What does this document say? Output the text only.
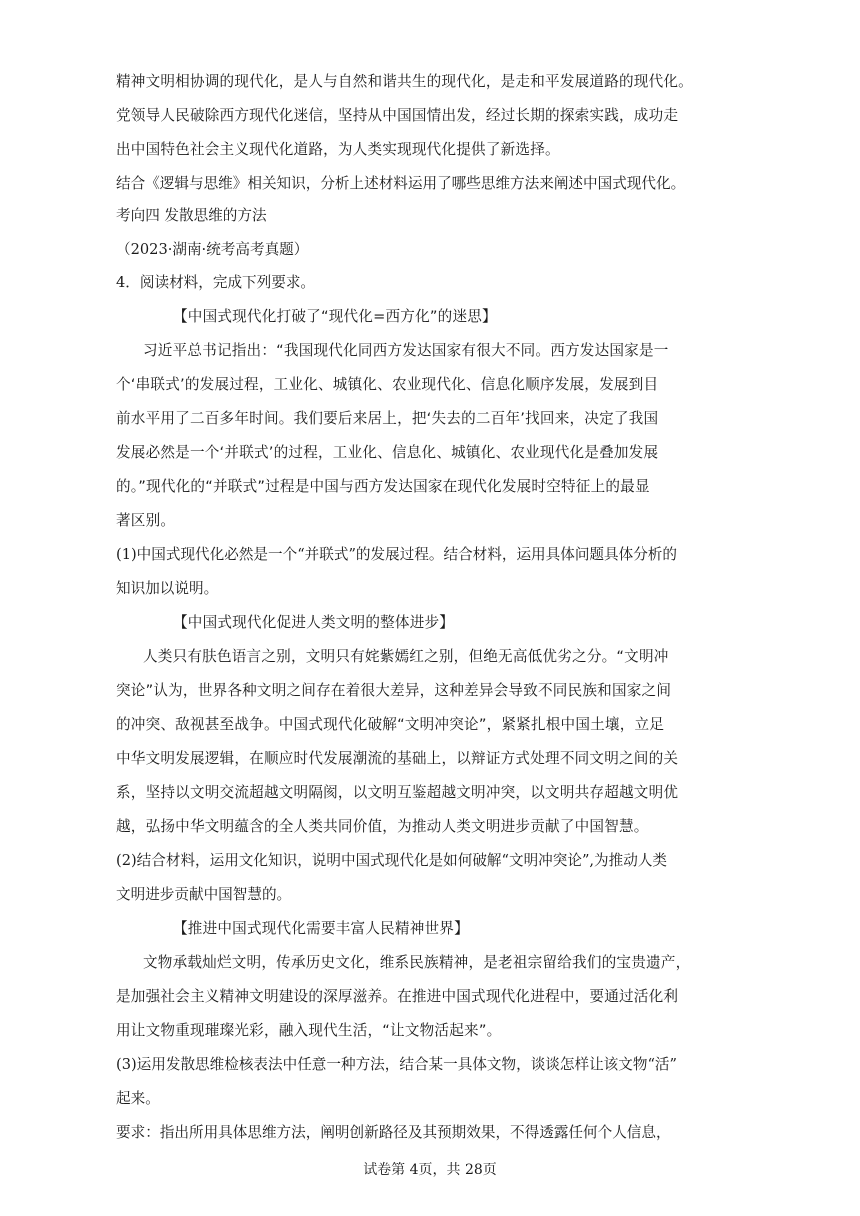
精神文明相协调的现代化，是人与自然和谐共生的现代化，是走和平发展道路的现代化。
党领导人民破除西方现代化迷信，坚持从中国国情出发，经过长期的探索实践，成功走
出中国特色社会主义现代化道路，为人类实现现代化提供了新选择。
结合《逻辑与思维》相关知识，分析上述材料运用了哪些思维方法来阐述中国式现代化。
考向四 发散思维的方法
（2023·湖南·统考高考真题）
4．阅读材料，完成下列要求。
【中国式现代化打破了“现代化=西方化”的迷思】
习近平总书记指出：“我国现代化同西方发达国家有很大不同。西方发达国家是一
个‘串联式’的发展过程，工业化、城镇化、农业现代化、信息化顺序发展，发展到目
前水平用了二百多年时间。我们要后来居上，把‘失去的二百年’找回来，决定了我国
发展必然是一个‘并联式’的过程，工业化、信息化、城镇化、农业现代化是叠加发展
的。”现代化的“并联式”过程是中国与西方发达国家在现代化发展时空特征上的最显
著区别。
(1)中国式现代化必然是一个“并联式”的发展过程。结合材料，运用具体问题具体分析的
知识加以说明。
【中国式现代化促进人类文明的整体进步】
人类只有肤色语言之别，文明只有姹紫嫣红之别，但绝无高低优劣之分。“文明冲
突论”认为，世界各种文明之间存在着很大差异，这种差异会导致不同民族和国家之间
的冲突、敌视甚至战争。中国式现代化破解“文明冲突论”，紧紧扎根中国土壤，立足
中华文明发展逻辑，在顺应时代发展潮流的基础上，以辩证方式处理不同文明之间的关
系，坚持以文明交流超越文明隔阂，以文明互鉴超越文明冲突，以文明共存超越文明优
越，弘扬中华文明蕴含的全人类共同价值，为推动人类文明进步贡献了中国智慧。
(2)结合材料，运用文化知识，说明中国式现代化是如何破解“文明冲突论”,为推动人类
文明进步贡献中国智慧的。
【推进中国式现代化需要丰富人民精神世界】
文物承载灿烂文明，传承历史文化，维系民族精神，是老祖宗留给我们的宝贵遗产，
是加强社会主义精神文明建设的深厚滋养。在推进中国式现代化进程中，要通过活化利
用让文物重现璀璨光彩，融入现代生活，“让文物活起来”。
(3)运用发散思维检核表法中任意一种方法，结合某一具体文物，谈谈怎样让该文物“活”
起来。
要求：指出所用具体思维方法，阐明创新路径及其预期效果，不得透露任何个人信息，
试卷第 4页，共 28页
